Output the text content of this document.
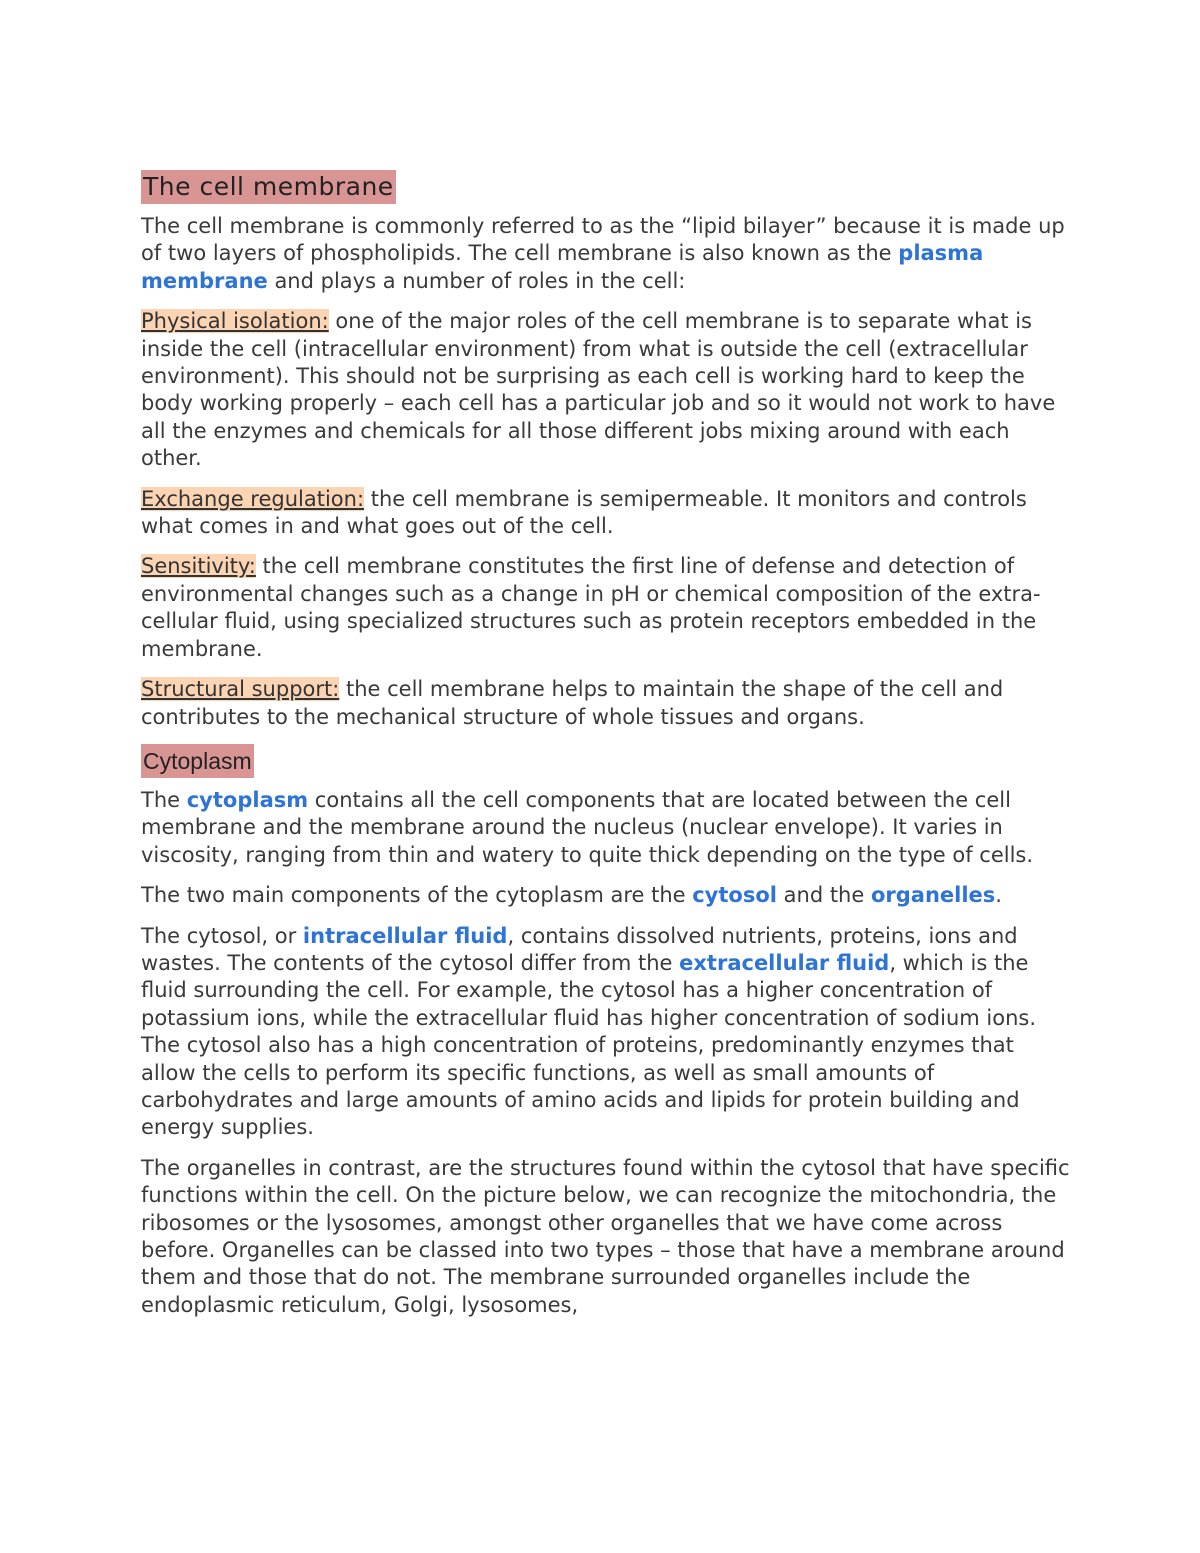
The cell membrane

The cell membrane is commonly referred to as the “lipid bilayer” because it is made up of two layers of phospholipids. The cell membrane is also known as the plasma membrane and plays a number of roles in the cell:

Physical isolation: one of the major roles of the cell membrane is to separate what is inside the cell (intracellular environment) from what is outside the cell (extracellular environment). This should not be surprising as each cell is working hard to keep the body working properly – each cell has a particular job and so it would not work to have all the enzymes and chemicals for all those different jobs mixing around with each other.

Exchange regulation: the cell membrane is semipermeable. It monitors and controls what comes in and what goes out of the cell.

Sensitivity: the cell membrane constitutes the first line of defense and detection of environmental changes such as a change in pH or chemical composition of the extra-cellular fluid, using specialized structures such as protein receptors embedded in the membrane.

Structural support: the cell membrane helps to maintain the shape of the cell and contributes to the mechanical structure of whole tissues and organs.

Cytoplasm

The cytoplasm contains all the cell components that are located between the cell membrane and the membrane around the nucleus (nuclear envelope). It varies in viscosity, ranging from thin and watery to quite thick depending on the type of cells.

The two main components of the cytoplasm are the cytosol and the organelles.

The cytosol, or intracellular fluid, contains dissolved nutrients, proteins, ions and wastes. The contents of the cytosol differ from the extracellular fluid, which is the fluid surrounding the cell. For example, the cytosol has a higher concentration of potassium ions, while the extracellular fluid has higher concentration of sodium ions. The cytosol also has a high concentration of proteins, predominantly enzymes that allow the cells to perform its specific functions, as well as small amounts of carbohydrates and large amounts of amino acids and lipids for protein building and energy supplies.

The organelles in contrast, are the structures found within the cytosol that have specific functions within the cell. On the picture below, we can recognize the mitochondria, the ribosomes or the lysosomes, amongst other organelles that we have come across before. Organelles can be classed into two types – those that have a membrane around them and those that do not. The membrane surrounded organelles include the endoplasmic reticulum, Golgi, lysosomes,
